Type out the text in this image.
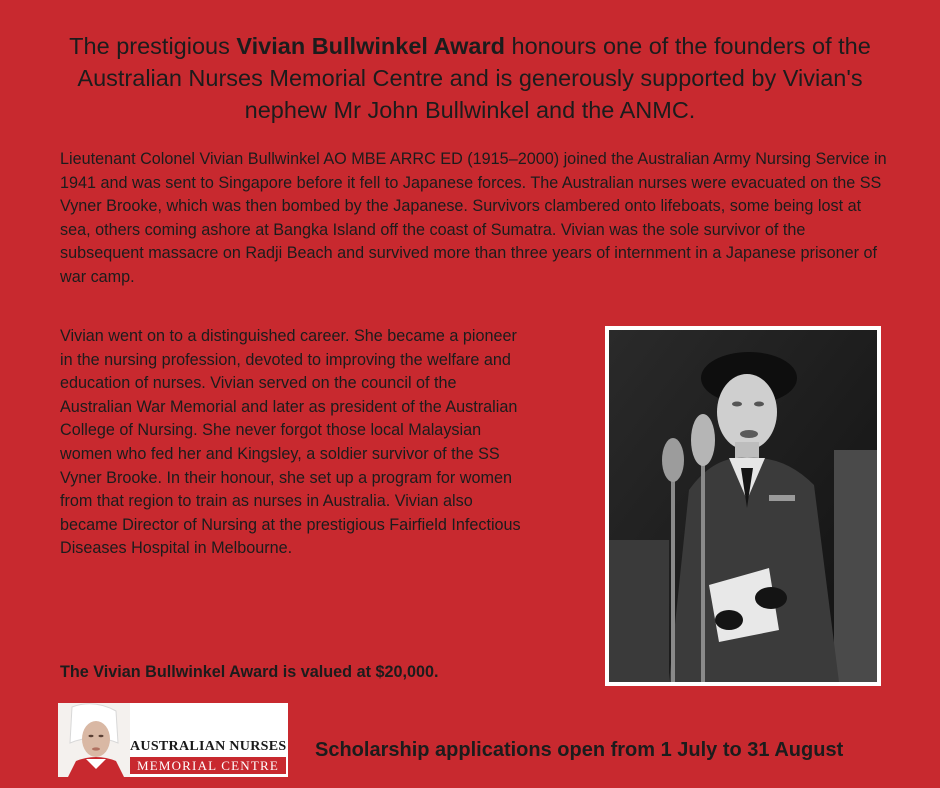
The prestigious Vivian Bullwinkel Award honours one of the founders of the Australian Nurses Memorial Centre and is generously supported by Vivian's nephew Mr John Bullwinkel and the ANMC.

Lieutenant Colonel Vivian Bullwinkel AO MBE ARRC ED (1915–2000) joined the Australian Army Nursing Service in 1941 and was sent to Singapore before it fell to Japanese forces. The Australian nurses were evacuated on the SS Vyner Brooke, which was then bombed by the Japanese. Survivors clambered onto lifeboats, some being lost at sea, others coming ashore at Bangka Island off the coast of Sumatra. Vivian was the sole survivor of the subsequent massacre on Radji Beach and survived more than three years of internment in a Japanese prisoner of war camp.

Vivian went on to a distinguished career. She became a pioneer in the nursing profession, devoted to improving the welfare and education of nurses. Vivian served on the council of the Australian War Memorial and later as president of the Australian College of Nursing. She never forgot those local Malaysian women who fed her and Kingsley, a soldier survivor of the SS Vyner Brooke. In their honour, she set up a program for women from that region to train as nurses in Australia. Vivian also became Director of Nursing at the prestigious Fairfield Infectious Diseases Hospital in Melbourne.

The Vivian Bullwinkel Award is valued at $20,000.

AUSTRALIAN NURSES
MEMORIAL CENTRE
Scholarship applications open from 1 July to 31 August
